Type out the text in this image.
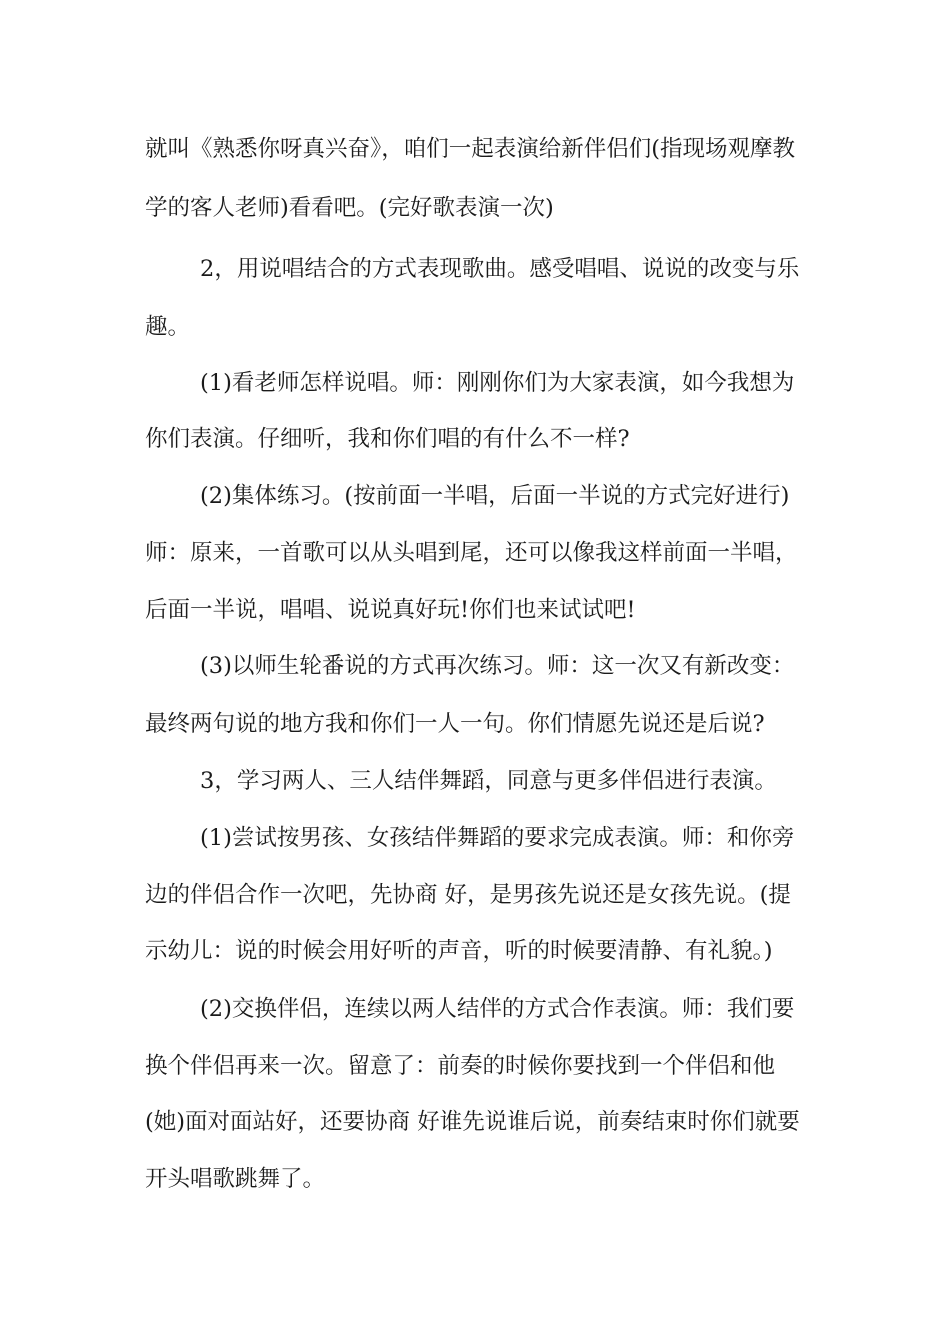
就叫《熟悉你呀真兴奋》，咱们一起表演给新伴侣们(指现场观摩教

学的客人老师)看看吧。(完好歌表演一次)

2，用说唱结合的方式表现歌曲。感受唱唱、说说的改变与乐

趣。

(1)看老师怎样说唱。师：刚刚你们为大家表演，如今我想为

你们表演。仔细听，我和你们唱的有什么不一样?

(2)集体练习。(按前面一半唱，后面一半说的方式完好进行)

师：原来，一首歌可以从头唱到尾，还可以像我这样前面一半唱，

后面一半说，唱唱、说说真好玩!你们也来试试吧!

(3)以师生轮番说的方式再次练习。师：这一次又有新改变：

最终两句说的地方我和你们一人一句。你们情愿先说还是后说?

3，学习两人、三人结伴舞蹈，同意与更多伴侣进行表演。

(1)尝试按男孩、女孩结伴舞蹈的要求完成表演。师：和你旁

边的伴侣合作一次吧，先协商 好，是男孩先说还是女孩先说。(提

示幼儿：说的时候会用好听的声音，听的时候要清静、有礼貌。)

(2)交换伴侣，连续以两人结伴的方式合作表演。师：我们要

换个伴侣再来一次。留意了：前奏的时候你要找到一个伴侣和他

(她)面对面站好，还要协商 好谁先说谁后说，前奏结束时你们就要

开头唱歌跳舞了。
